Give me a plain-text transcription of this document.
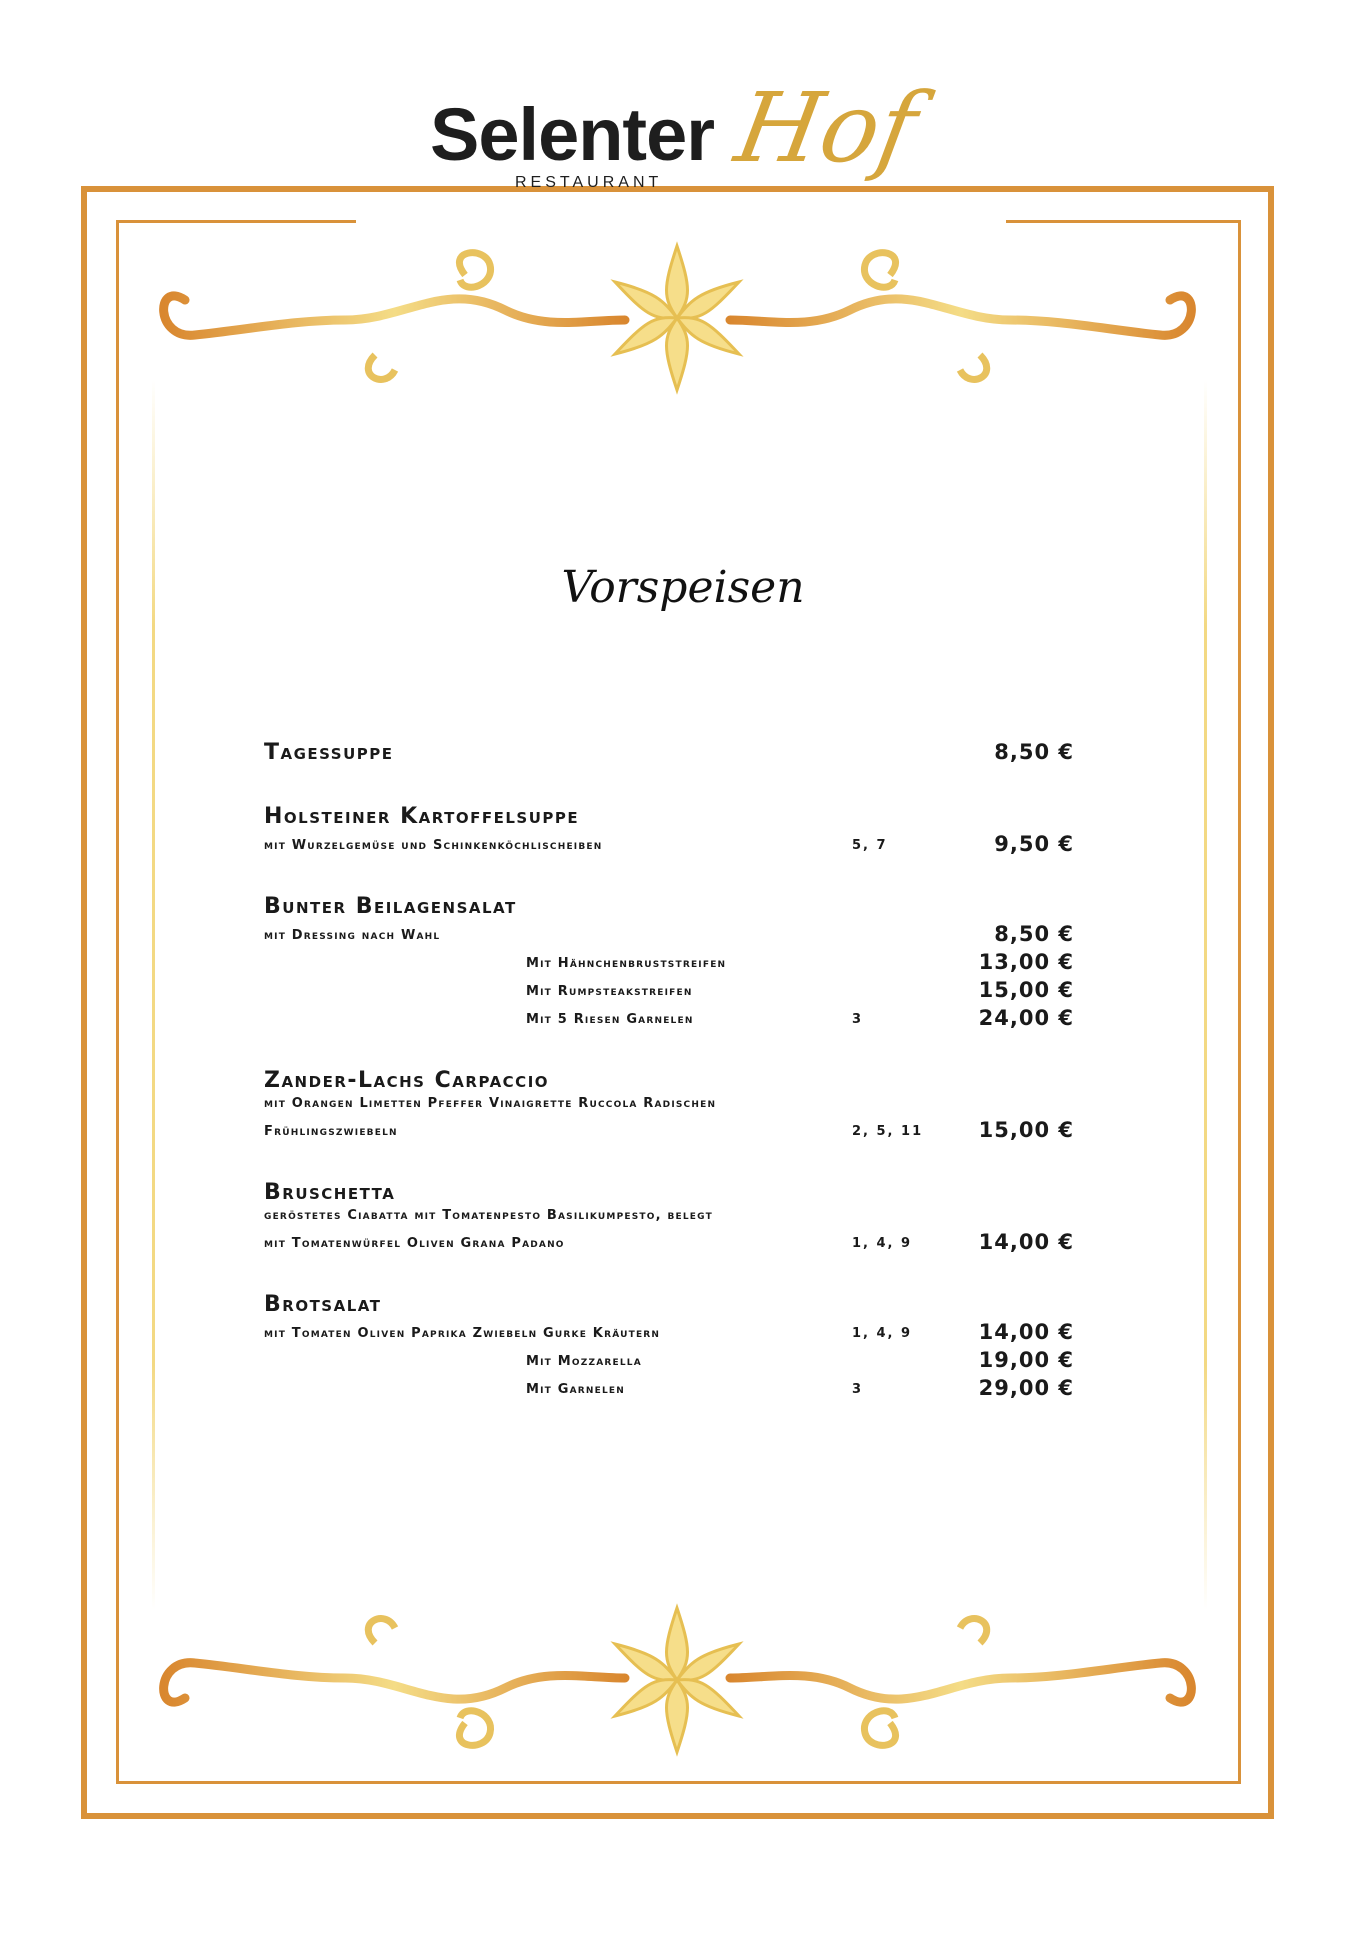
Hof
Selenter
RESTAURANT
Vorspeisen
Tagessuppe	8,50 €
Holsteiner Kartoffelsuppe
mit Wurzelgemüse und Schinkenköchlischeiben	5, 7	9,50 €
Bunter Beilagensalat
mit Dressing nach Wahl	8,50 €
Mit Hähnchenbruststreifen	13,00 €
Mit Rumpsteakstreifen	15,00 €
Mit 5 Riesen Garnelen	3	24,00 €
Zander-Lachs Carpaccio
mit Orangen Limetten Pfeffer Vinaigrette Ruccola Radischen
Frühlingszwiebeln	2, 5, 11	15,00 €
Bruschetta
geröstetes Ciabatta mit Tomatenpesto Basilikumpesto, belegt
mit Tomatenwürfel Oliven Grana Padano	1, 4, 9	14,00 €
Brotsalat
mit Tomaten Oliven Paprika Zwiebeln Gurke Kräutern	1, 4, 9	14,00 €
Mit Mozzarella	19,00 €
Mit Garnelen	3	29,00 €
